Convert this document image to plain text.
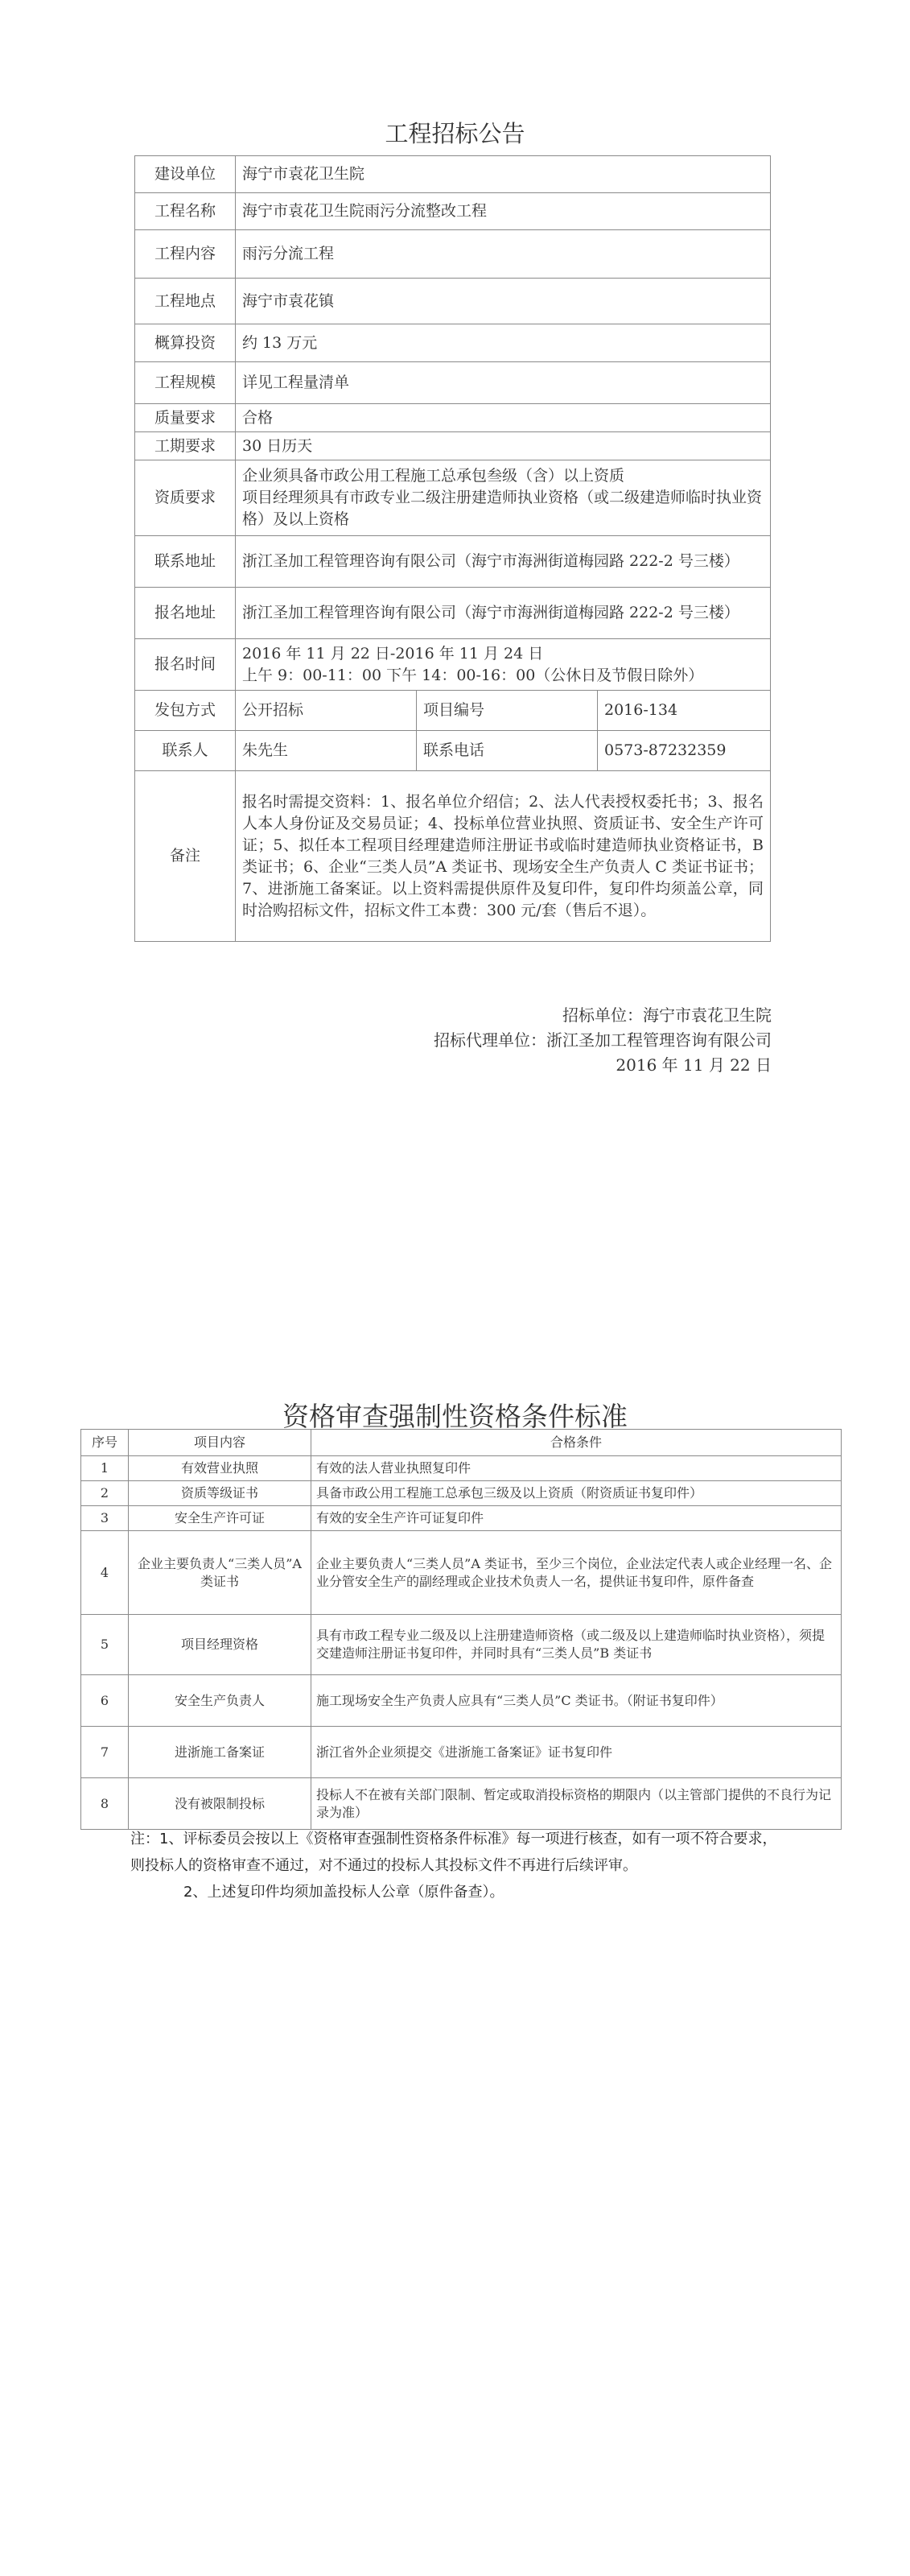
工程招标公告
建设单位	海宁市袁花卫生院		
工程名称	海宁市袁花卫生院雨污分流整改工程		
工程内容	雨污分流工程		
工程地点	海宁市袁花镇		
概算投资	约 13 万元		
工程规模	详见工程量清单		
质量要求	合格		
工期要求	30 日历天		
资质要求	企业须具备市政公用工程施工总承包叁级（含）以上资质
项目经理须具有市政专业二级注册建造师执业资格（或二级建造师临时执业资格）及以上资格		
联系地址	浙江圣加工程管理咨询有限公司（海宁市海洲街道梅园路 222-2 号三楼）		
报名地址	浙江圣加工程管理咨询有限公司（海宁市海洲街道梅园路 222-2 号三楼）		
报名时间	2016 年 11 月 22 日-2016 年 11 月 24 日
上午 9：00-11：00 下午 14：00-16：00（公休日及节假日除外）		
发包方式	公开招标	项目编号	2016-134
联系人	朱先生	联系电话	0573-87232359
备注	报名时需提交资料：1、报名单位介绍信；2、法人代表授权委托书；3、报名人本人身份证及交易员证；4、投标单位营业执照、资质证书、安全生产许可证；5、拟任本工程项目经理建造师注册证书或临时建造师执业资格证书，B 类证书；6、企业“三类人员”A 类证书、现场安全生产负责人 C 类证书证书；7、进浙施工备案证。以上资料需提供原件及复印件，复印件均须盖公章，同时洽购招标文件，招标文件工本费：300 元/套（售后不退）。		
招标单位：海宁市袁花卫生院
招标代理单位：浙江圣加工程管理咨询有限公司
2016 年 11 月 22 日
资格审查强制性资格条件标准
序号	项目内容	合格条件
1	有效营业执照	有效的法人营业执照复印件
2	资质等级证书	具备市政公用工程施工总承包三级及以上资质（附资质证书复印件）
3	安全生产许可证	有效的安全生产许可证复印件
4	企业主要负责人“三类人员”A 类证书	企业主要负责人“三类人员”A 类证书，至少三个岗位，企业法定代表人或企业经理一名、企业分管安全生产的副经理或企业技术负责人一名，提供证书复印件，原件备查
5	项目经理资格	具有市政工程专业二级及以上注册建造师资格（或二级及以上建造师临时执业资格），须提交建造师注册证书复印件，并同时具有“三类人员”B 类证书
6	安全生产负责人	施工现场安全生产负责人应具有“三类人员”C 类证书。（附证书复印件）
7	进浙施工备案证	浙江省外企业须提交《进浙施工备案证》证书复印件
8	没有被限制投标	投标人不在被有关部门限制、暂定或取消投标资格的期限内（以主管部门提供的不良行为记录为准）

注：1、评标委员会按以上《资格审查强制性资格条件标准》每一项进行核查，如有一项不符合要求，则投标人的资格审查不通过，对不通过的投标人其投标文件不再进行后续评审。

2、上述复印件均须加盖投标人公章（原件备查）。
